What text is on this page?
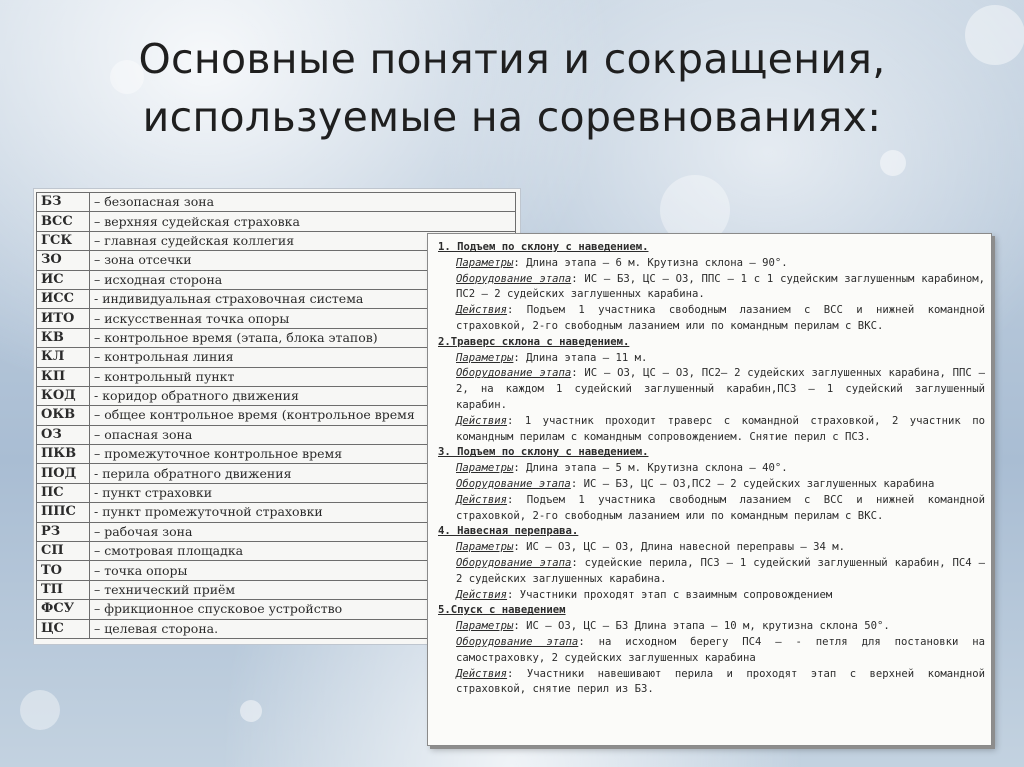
Основные понятия и сокращения,
используемые на соревнованиях:
БЗ	– безопасная зона
ВСС	– верхняя судейская страховка
ГСК	– главная судейская коллегия
ЗО	– зона отсечки
ИС	– исходная сторона
ИСС	- индивидуальная страховочная система
ИТО	– искусственная точка опоры
КВ	– контрольное время (этапа, блока этапов)
КЛ	– контрольная линия
КП	– контрольный пункт
КОД	- коридор обратного движения
ОКВ	– общее контрольное время (контрольное время
ОЗ	– опасная зона
ПКВ	– промежуточное контрольное время
ПОД	- перила обратного движения
ПС	- пункт страховки
ППС	- пункт промежуточной страховки
РЗ	– рабочая зона
СП	– смотровая площадка
ТО	– точка опоры
ТП	– технический приём
ФСУ	– фрикционное спусковое устройство
ЦС	– целевая сторона.

1. Подъем по склону с наведением.

Параметры: Длина этапа – 6 м. Крутизна склона – 90°.

Оборудование этапа: ИС – БЗ, ЦС – ОЗ, ППС – 1 с 1 судейским заглушенным карабином, ПС2 – 2 судейских заглушенных карабина.

Действия: Подъем 1 участника свободным лазанием с ВСС и нижней командной страховкой, 2-го свободным лазанием или по командным перилам с ВКС.

2.Траверс склона с наведением.

Параметры: Длина этапа – 11 м.

Оборудование этапа: ИС – ОЗ, ЦС – ОЗ, ПС2– 2 судейских заглушенных карабина, ППС – 2, на каждом 1 судейский заглушенный карабин,ПС3 – 1 судейский заглушенный карабин.

Действия: 1 участник проходит траверс с командной страховкой, 2 участник по командным перилам с командным сопровождением. Снятие перил с ПС3.

3. Подъем по склону с наведением.

Параметры: Длина этапа – 5 м. Крутизна склона – 40°.

Оборудование этапа: ИС – БЗ, ЦС – ОЗ,ПС2 – 2 судейских заглушенных карабина

Действия: Подъем 1 участника свободным лазанием с ВСС и нижней командной страховкой, 2-го свободным лазанием или по командным перилам с ВКС.

4. Навесная переправа.

Параметры: ИС – ОЗ, ЦС – ОЗ, Длина навесной переправы – 34 м.

Оборудование этапа: судейские перила, ПС3 – 1 судейский заглушенный карабин, ПС4 – 2 судейских заглушенных карабина.

Действия: Участники проходят этап с взаимным сопровождением

5.Спуск с наведением

Параметры: ИС – ОЗ, ЦС – БЗ Длина этапа – 10 м, крутизна склона 50°.

Оборудование этапа: на исходном берегу ПС4 – - петля для постановки на самостраховку, 2 судейских заглушенных карабина

Действия: Участники навешивают перила и проходят этап с верхней командной страховкой, снятие перил из БЗ.
